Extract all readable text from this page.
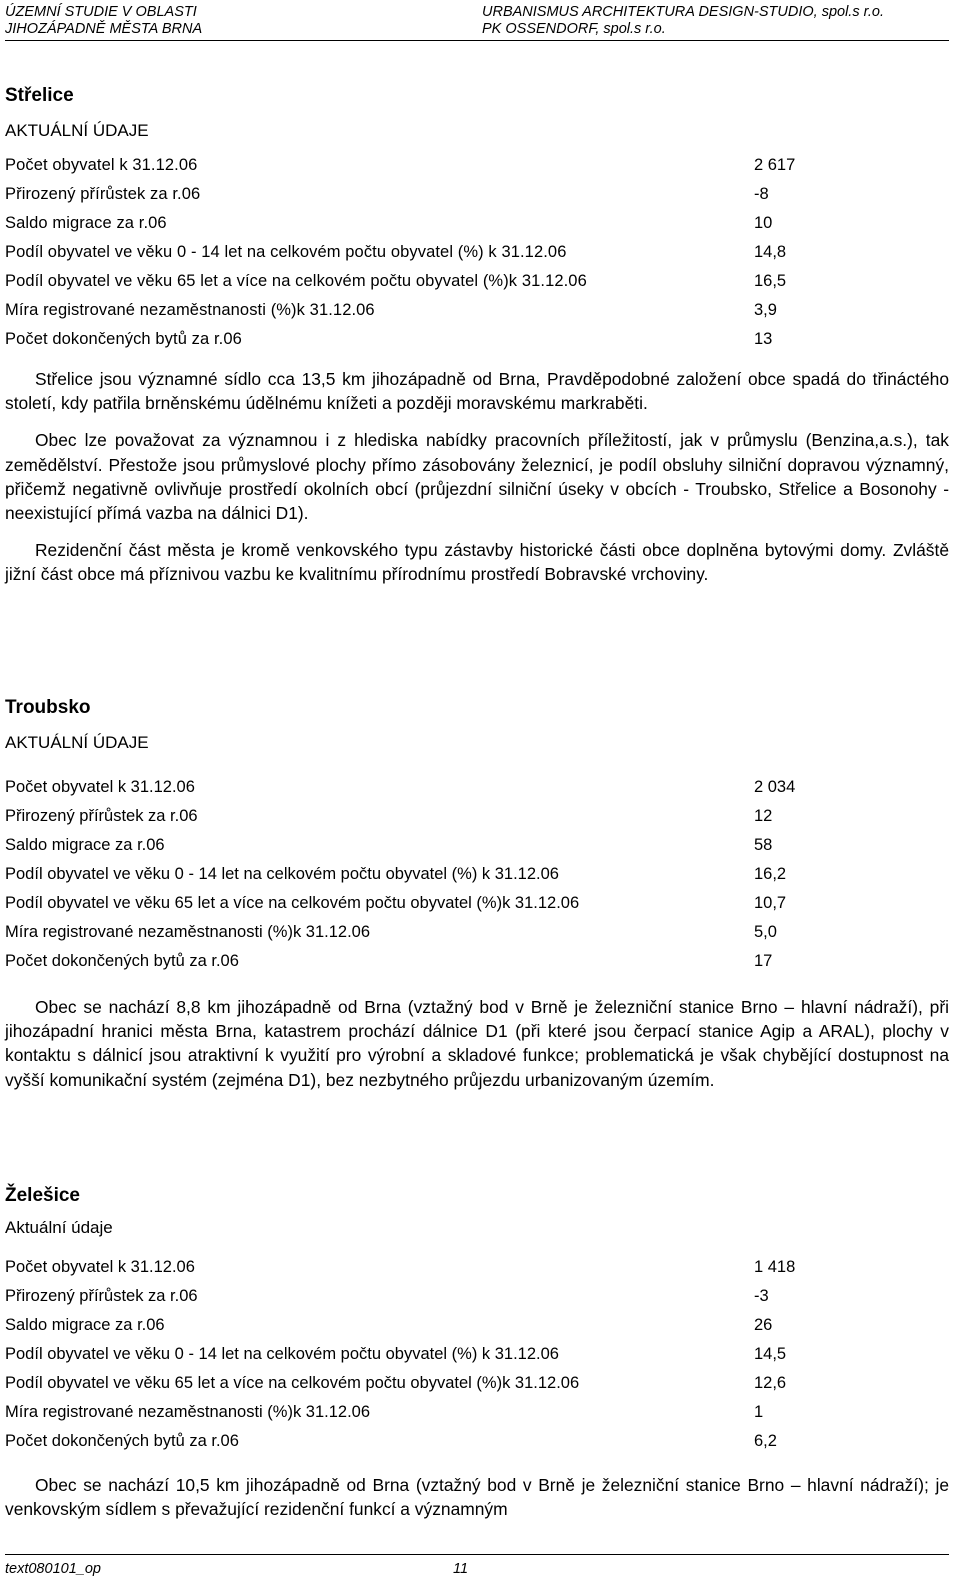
ÚZEMNÍ STUDIE V OBLASTI
JIHOZÁPADNĚ MĚSTA BRNA
URBANISMUS ARCHITEKTURA DESIGN-STUDIO, spol.s r.o.
PK OSSENDORF, spol.s r.o.
Střelice
AKTUÁLNÍ ÚDAJE
Počet obyvatel k 31.12.06	2 617
Přirozený přírůstek za r.06	-8
Saldo migrace za r.06	10
Podíl obyvatel ve věku 0 - 14 let na celkovém počtu obyvatel (%) k 31.12.06	14,8
Podíl obyvatel ve věku 65 let a více na celkovém počtu obyvatel (%)k 31.12.06	16,5
Míra registrované nezaměstnanosti (%)k 31.12.06	3,9
Počet dokončených bytů za r.06	13

Střelice jsou významné sídlo cca 13,5 km jihozápadně od Brna, Pravděpodobné založení obce spadá do třináctého století, kdy patřila brněnskému údělnému knížeti a později moravskému markraběti.

Obec lze považovat za významnou i z hlediska nabídky pracovních příležitostí, jak v průmyslu (Benzina,a.s.), tak zemědělství. Přestože jsou průmyslové plochy přímo zásobovány železnicí, je podíl obsluhy silniční dopravou významný, přičemž negativně ovlivňuje prostředí okolních obcí (průjezdní silniční úseky v obcích - Troubsko, Střelice a Bosonohy - neexistující přímá vazba na dálnici D1).

Rezidenční část města je kromě venkovského typu zástavby historické části obce doplněna bytovými domy. Zvláště jižní část obce má příznivou vazbu ke kvalitnímu přírodnímu prostředí Bobravské vrchoviny.

Troubsko
AKTUÁLNÍ ÚDAJE
Počet obyvatel k 31.12.06	2 034
Přirozený přírůstek za r.06	12
Saldo migrace za r.06	58
Podíl obyvatel ve věku 0 - 14 let na celkovém počtu obyvatel (%) k 31.12.06	16,2
Podíl obyvatel ve věku 65 let a více na celkovém počtu obyvatel (%)k 31.12.06	10,7
Míra registrované nezaměstnanosti (%)k 31.12.06	5,0
Počet dokončených bytů za r.06	17

Obec se nachází 8,8 km jihozápadně od Brna (vztažný bod v Brně je železniční stanice Brno – hlavní nádraží), při jihozápadní hranici města Brna, katastrem prochází dálnice D1 (při které jsou čerpací stanice Agip a ARAL), plochy v kontaktu s dálnicí jsou atraktivní k využití pro výrobní a skladové funkce; problematická je však chybějící dostupnost na vyšší komunikační systém (zejména D1), bez nezbytného průjezdu urbanizovaným územím.

Želešice
Aktuální údaje
Počet obyvatel k 31.12.06	1 418
Přirozený přírůstek za r.06	-3
Saldo migrace za r.06	26
Podíl obyvatel ve věku 0 - 14 let na celkovém počtu obyvatel (%) k 31.12.06	14,5
Podíl obyvatel ve věku 65 let a více na celkovém počtu obyvatel (%)k 31.12.06	12,6
Míra registrované nezaměstnanosti (%)k 31.12.06	1
Počet dokončených bytů za r.06	6,2

Obec se nachází 10,5 km jihozápadně od Brna (vztažný bod v Brně je železniční stanice Brno – hlavní nádraží); je venkovským sídlem s převažující rezidenční funkcí a významným

text080101_op	11
